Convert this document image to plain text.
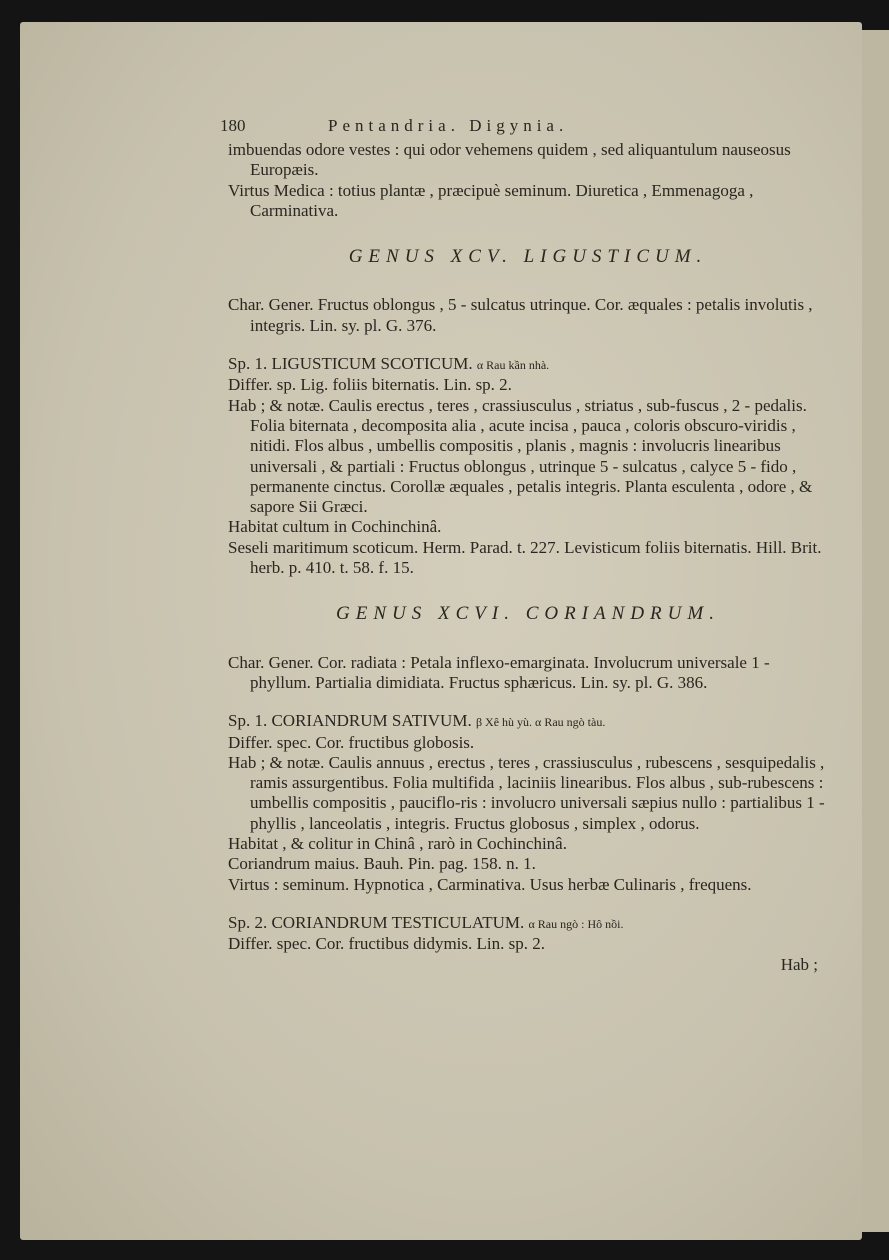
180	Pentandria. Digynia.

imbuendas odore vestes : qui odor vehemens quidem , sed aliquantulum nauseosus Europæis.

Virtus Medica : totius plantæ , præcipuè seminum. Diuretica , Emmenagoga , Carminativa.

GENUS XCV. LIGUSTICUM.

Char. Gener. Fructus oblongus , 5 - sulcatus utrinque. Cor. æquales : petalis involutis , integris. Lin. sy. pl. G. 376.

Sp. 1. LIGUSTICUM SCOTICUM. α Rau kần nhà.

Differ. sp. Lig. foliis biternatis. Lin. sp. 2.

Hab ; & notæ. Caulis erectus , teres , crassiusculus , striatus , sub-fuscus , 2 - pedalis. Folia biternata , decomposita alia , acute incisa , pauca , coloris obscuro-viridis , nitidi. Flos albus , umbellis compositis , planis , magnis : involucris linearibus universali , & partiali : Fructus oblongus , utrinque 5 - sulcatus , calyce 5 - fido , permanente cinctus. Corollæ æquales , petalis integris. Planta esculenta , odore , & sapore Sii Græci.

Habitat cultum in Cochinchinâ.

Seseli maritimum scoticum. Herm. Parad. t. 227. Levisticum foliis biternatis. Hill. Brit. herb. p. 410. t. 58. f. 15.

GENUS XCVI. CORIANDRUM.

Char. Gener. Cor. radiata : Petala inflexo-emarginata. Involucrum universale 1 - phyllum. Partialia dimidiata. Fructus sphæricus. Lin. sy. pl. G. 386.

Sp. 1. CORIANDRUM SATIVUM. β Xê hù yù. α Rau ngò tàu.

Differ. spec. Cor. fructibus globosis.

Hab ; & notæ. Caulis annuus , erectus , teres , crassiusculus , rubescens , sesquipedalis , ramis assurgentibus. Folia multifida , laciniis linearibus. Flos albus , sub-rubescens : umbellis compositis , pauciflo-ris : involucro universali sæpius nullo : partialibus 1 - phyllis , lanceolatis , integris. Fructus globosus , simplex , odorus.

Habitat , & colitur in Chinâ , rarò in Cochinchinâ.

Coriandrum maius. Bauh. Pin. pag. 158. n. 1.

Virtus : seminum. Hypnotica , Carminativa. Usus herbæ Culinaris , frequens.

Sp. 2. CORIANDRUM TESTICULATUM. α Rau ngò : Hô nồi.

Differ. spec. Cor. fructibus didymis. Lin. sp. 2.

Hab ;
